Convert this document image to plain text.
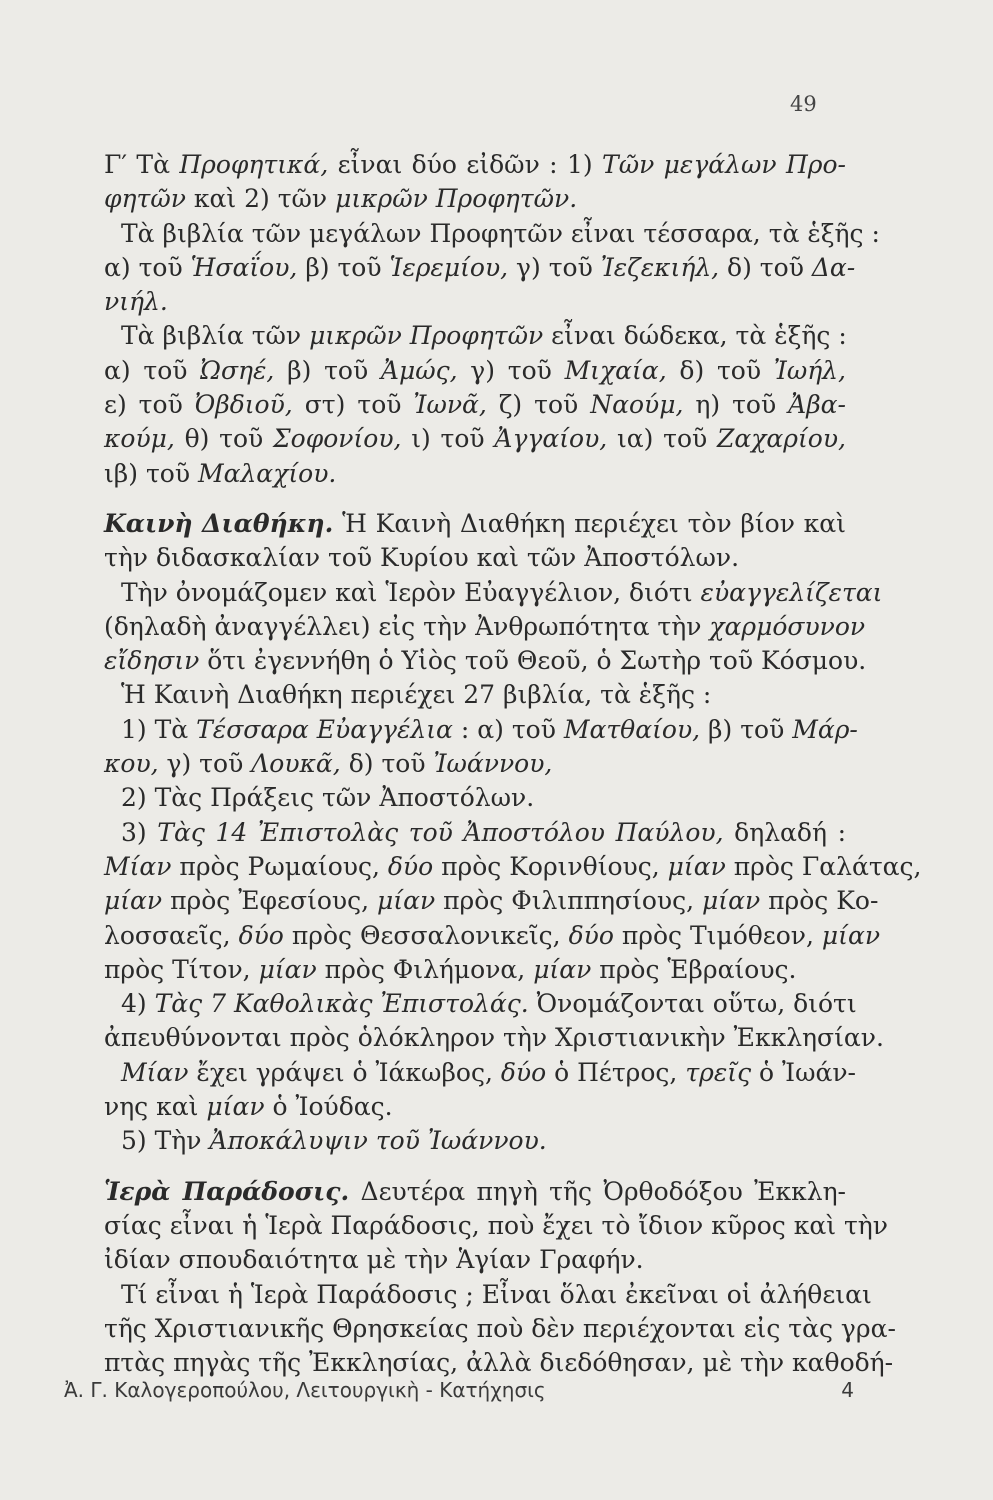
49
Γ′ Τὰ Προφητικά, εἶναι δύο εἰδῶν : 1) Τῶν μεγάλων Προ-
φητῶν καὶ 2) τῶν μικρῶν Προφητῶν.
Τὰ βιβλία τῶν μεγάλων Προφητῶν εἶναι τέσσαρα, τὰ ἑξῆς :
α) τοῦ Ἡσαΐου, β) τοῦ Ἱερεμίου, γ) τοῦ Ἰεζεκιήλ, δ) τοῦ Δα-
νιήλ.
Τὰ βιβλία τῶν μικρῶν Προφητῶν εἶναι δώδεκα, τὰ ἑξῆς :
α) τοῦ Ὠσηέ, β) τοῦ Ἀμώς, γ) τοῦ Μιχαία, δ) τοῦ Ἰωήλ,
ε) τοῦ Ὀβδιοῦ, στ) τοῦ Ἰωνᾶ, ζ) τοῦ Ναούμ, η) τοῦ Ἀβα-
κούμ, θ) τοῦ Σοφονίου, ι) τοῦ Ἀγγαίου, ια) τοῦ Ζαχαρίου,
ιβ) τοῦ Μαλαχίου.
Καινὴ Διαθήκη. Ἡ Καινὴ Διαθήκη περιέχει τὸν βίον καὶ
τὴν διδασκαλίαν τοῦ Κυρίου καὶ τῶν Ἀποστόλων.
Τὴν ὀνομάζομεν καὶ Ἱερὸν Εὐαγγέλιον, διότι εὐαγγελίζεται
(δηλαδὴ ἀναγγέλλει) εἰς τὴν Ἀνθρωπότητα τὴν χαρμόσυνον
εἴδησιν ὅτι ἐγεννήθη ὁ Υἱὸς τοῦ Θεοῦ, ὁ Σωτὴρ τοῦ Κόσμου.
Ἡ Καινὴ Διαθήκη περιέχει 27 βιβλία, τὰ ἑξῆς :
1) Τὰ Τέσσαρα Εὐαγγέλια : α) τοῦ Ματθαίου, β) τοῦ Μάρ-
κου, γ) τοῦ Λουκᾶ, δ) τοῦ Ἰωάννου,
2) Τὰς Πράξεις τῶν Ἀποστόλων.
3) Τὰς 14 Ἐπιστολὰς τοῦ Ἀποστόλου Παύλου, δηλαδή :
Μίαν πρὸς Ρωμαίους, δύο πρὸς Κορινθίους, μίαν πρὸς Γαλάτας,
μίαν πρὸς Ἐφεσίους, μίαν πρὸς Φιλιππησίους, μίαν πρὸς Κο-
λοσσαεῖς, δύο πρὸς Θεσσαλονικεῖς, δύο πρὸς Τιμόθεον, μίαν
πρὸς Τίτον, μίαν πρὸς Φιλήμονα, μίαν πρὸς Ἑβραίους.
4) Τὰς 7 Καθολικὰς Ἐπιστολάς. Ὀνομάζονται οὕτω, διότι
ἀπευθύνονται πρὸς ὁλόκληρον τὴν Χριστιανικὴν Ἐκκλησίαν.
Μίαν ἔχει γράψει ὁ Ἰάκωβος, δύο ὁ Πέτρος, τρεῖς ὁ Ἰωάν-
νης καὶ μίαν ὁ Ἰούδας.
5) Τὴν Ἀποκάλυψιν τοῦ Ἰωάννου.
Ἱερὰ Παράδοσις. Δευτέρα πηγὴ τῆς Ὀρθοδόξου Ἐκκλη-
σίας εἶναι ἡ Ἱερὰ Παράδοσις, ποὺ ἔχει τὸ ἴδιον κῦρος καὶ τὴν
ἰδίαν σπουδαιότητα μὲ τὴν Ἁγίαν Γραφήν.
Τί εἶναι ἡ Ἱερὰ Παράδοσις ; Εἶναι ὅλαι ἐκεῖναι οἱ ἀλήθειαι
τῆς Χριστιανικῆς Θρησκείας ποὺ δὲν περιέχονται εἰς τὰς γρα-
πτὰς πηγὰς τῆς Ἐκκλησίας, ἀλλὰ διεδόθησαν, μὲ τὴν καθοδή-
Ἀ. Γ. Καλογεροπούλου, Λειτουργικὴ - Κατήχησις	4
